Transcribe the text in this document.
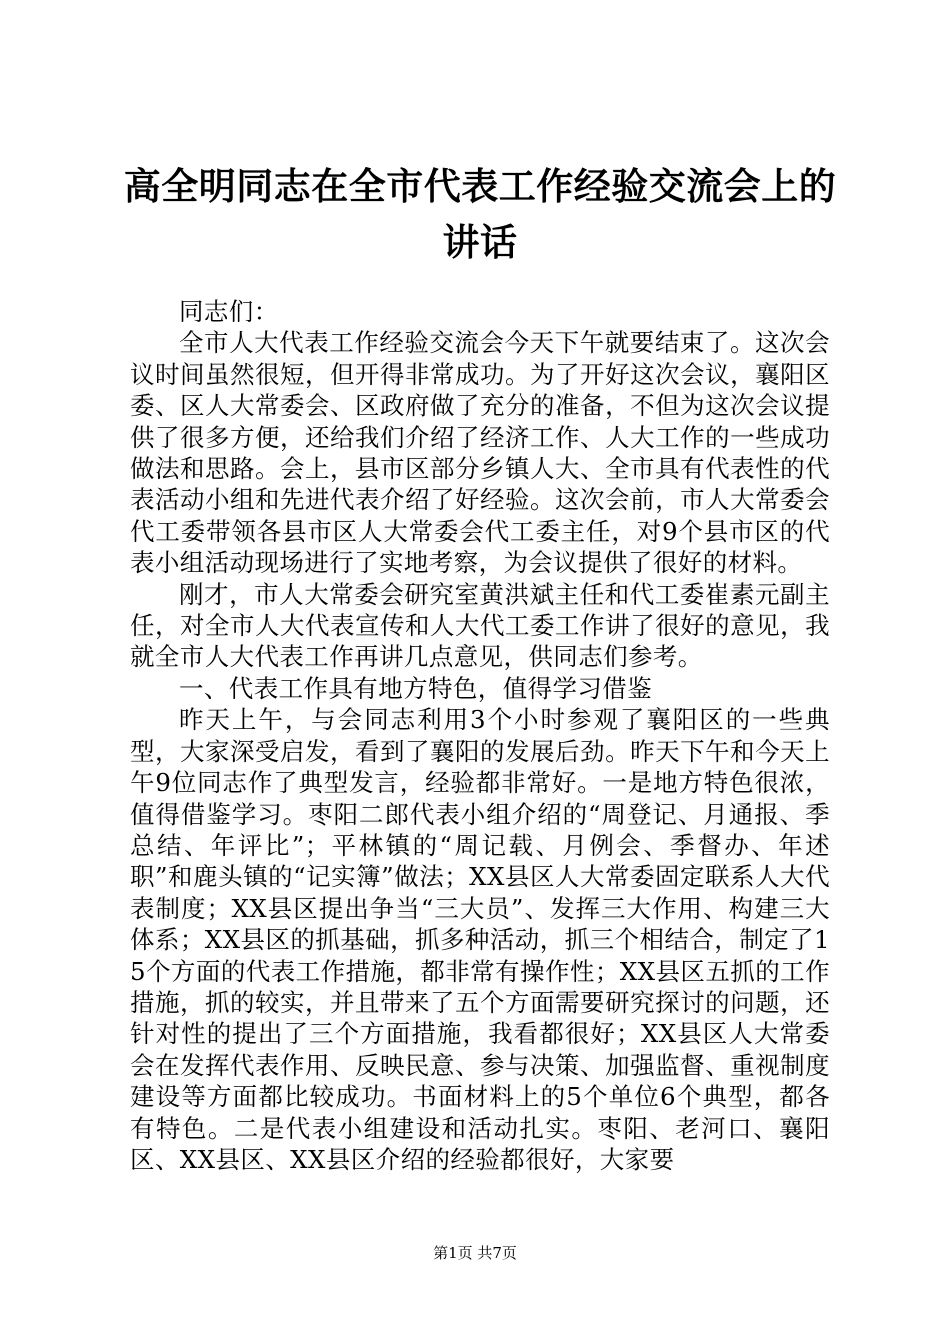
高全明同志在全市代表工作经验交流会上的讲话

同志们：

全市人大代表工作经验交流会今天下午就要结束了。这次会议时间虽然很短，但开得非常成功。为了开好这次会议，襄阳区委、区人大常委会、区政府做了充分的准备，不但为这次会议提供了很多方便，还给我们介绍了经济工作、人大工作的一些成功做法和思路。会上，县市区部分乡镇人大、全市具有代表性的代表活动小组和先进代表介绍了好经验。这次会前，市人大常委会代工委带领各县市区人大常委会代工委主任，对9个县市区的代表小组活动现场进行了实地考察，为会议提供了很好的材料。

刚才，市人大常委会研究室黄洪斌主任和代工委崔素元副主任，对全市人大代表宣传和人大代工委工作讲了很好的意见，我就全市人大代表工作再讲几点意见，供同志们参考。

一、代表工作具有地方特色，值得学习借鉴

昨天上午，与会同志利用3个小时参观了襄阳区的一些典型，大家深受启发，看到了襄阳的发展后劲。昨天下午和今天上午9位同志作了典型发言，经验都非常好。一是地方特色很浓，值得借鉴学习。枣阳二郎代表小组介绍的“周登记、月通报、季总结、年评比”；平林镇的“周记载、月例会、季督办、年述职”和鹿头镇的“记实簿”做法；XX县区人大常委固定联系人大代表制度；XX县区提出争当“三大员”、发挥三大作用、构建三大体系；XX县区的抓基础，抓多种活动，抓三个相结合，制定了15个方面的代表工作措施，都非常有操作性；XX县区五抓的工作措施，抓的较实，并且带来了五个方面需要研究探讨的问题，还针对性的提出了三个方面措施，我看都很好；XX县区人大常委会在发挥代表作用、反映民意、参与决策、加强监督、重视制度建设等方面都比较成功。书面材料上的5个单位6个典型，都各有特色。二是代表小组建设和活动扎实。枣阳、老河口、襄阳区、XX县区、XX县区介绍的经验都很好，大家要

第1页 共7页
